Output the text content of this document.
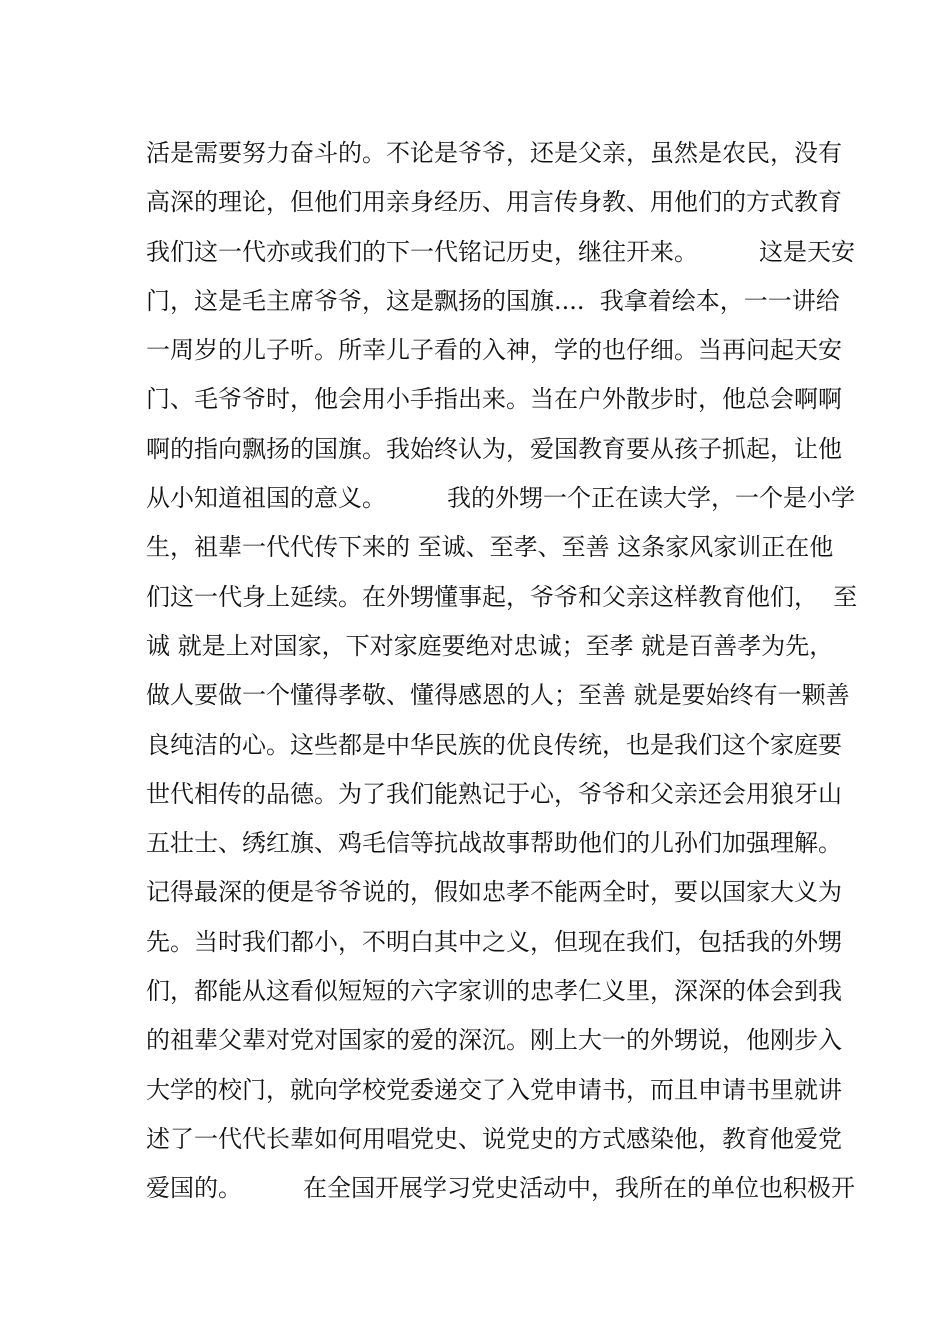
活是需要努力奋斗的。不论是爷爷，还是父亲，虽然是农民，没有
高深的理论，但他们用亲身经历、用言传身教、用他们的方式教育
我们这一代亦或我们的下一代铭记历史，继往开来。        这是天安
门，这是毛主席爷爷，这是飘扬的国旗....  我拿着绘本，一一讲给
一周岁的儿子听。所幸儿子看的入神，学的也仔细。当再问起天安
门、毛爷爷时，他会用小手指出来。当在户外散步时，他总会啊啊
啊的指向飘扬的国旗。我始终认为，爱国教育要从孩子抓起，让他
从小知道祖国的意义。        我的外甥一个正在读大学，一个是小学
生，祖辈一代代传下来的 至诚、至孝、至善 这条家风家训正在他
们这一代身上延续。在外甥懂事起，爷爷和父亲这样教育他们，  至
诚 就是上对国家，下对家庭要绝对忠诚；至孝 就是百善孝为先，
做人要做一个懂得孝敬、懂得感恩的人；至善 就是要始终有一颗善
良纯洁的心。这些都是中华民族的优良传统，也是我们这个家庭要
世代相传的品德。为了我们能熟记于心，爷爷和父亲还会用狼牙山
五壮士、绣红旗、鸡毛信等抗战故事帮助他们的儿孙们加强理解。
记得最深的便是爷爷说的，假如忠孝不能两全时，要以国家大义为
先。当时我们都小，不明白其中之义，但现在我们，包括我的外甥
们，都能从这看似短短的六字家训的忠孝仁义里，深深的体会到我
的祖辈父辈对党对国家的爱的深沉。刚上大一的外甥说，他刚步入
大学的校门，就向学校党委递交了入党申请书，而且申请书里就讲
述了一代代长辈如何用唱党史、说党史的方式感染他，教育他爱党
爱国的。        在全国开展学习党史活动中，我所在的单位也积极开
